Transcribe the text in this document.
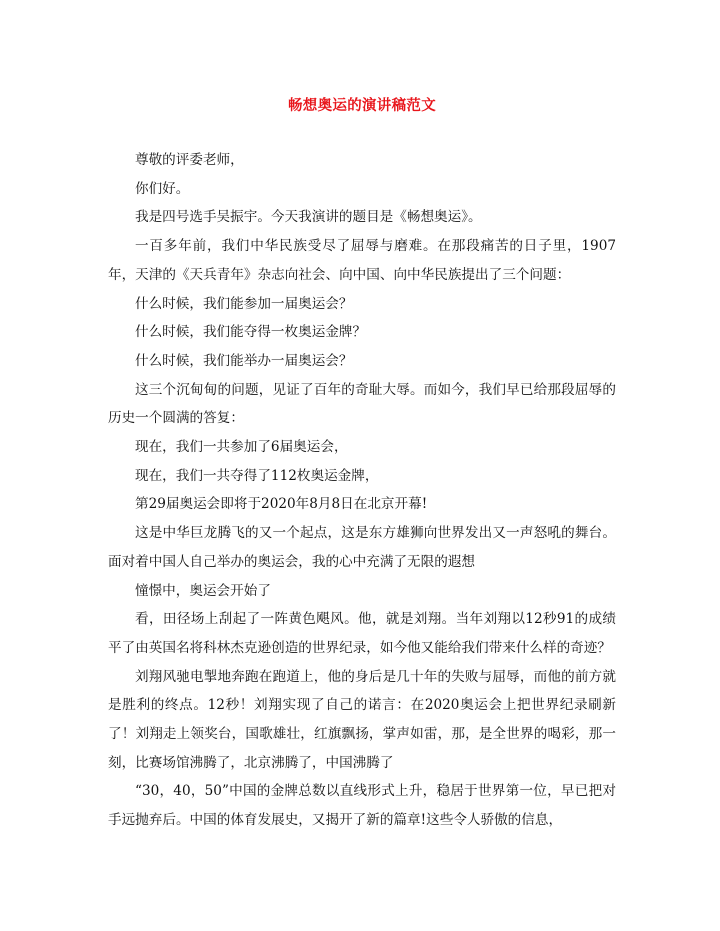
畅想奥运的演讲稿范文

尊敬的评委老师，

你们好。

我是四号选手吴振宇。今天我演讲的题目是《畅想奥运》。

一百多年前，我们中华民族受尽了屈辱与磨难。在那段痛苦的日子里，1907年，天津的《天兵青年》杂志向社会、向中国、向中华民族提出了三个问题：

什么时候，我们能参加一届奥运会？

什么时候，我们能夺得一枚奥运金牌？

什么时候，我们能举办一届奥运会？

这三个沉甸甸的问题，见证了百年的奇耻大辱。而如今，我们早已给那段屈辱的历史一个圆满的答复：

现在，我们一共参加了6届奥运会，

现在，我们一共夺得了112枚奥运金牌，

第29届奥运会即将于2020年8月8日在北京开幕!

这是中华巨龙腾飞的又一个起点，这是东方雄狮向世界发出又一声怒吼的舞台。面对着中国人自己举办的奥运会，我的心中充满了无限的遐想

憧憬中，奥运会开始了

看，田径场上刮起了一阵黄色飓风。他，就是刘翔。当年刘翔以12秒91的成绩平了由英国名将科林杰克逊创造的世界纪录，如今他又能给我们带来什么样的奇迹？

刘翔风驰电掣地奔跑在跑道上，他的身后是几十年的失败与屈辱，而他的前方就是胜利的终点。12秒！刘翔实现了自己的诺言：在2020奥运会上把世界纪录刷新了！刘翔走上领奖台，国歌雄壮，红旗飘扬，掌声如雷，那，是全世界的喝彩，那一刻，比赛场馆沸腾了，北京沸腾了，中国沸腾了

“30，40，50”中国的金牌总数以直线形式上升，稳居于世界第一位，早已把对手远抛弃后。中国的体育发展史，又揭开了新的篇章!这些令人骄傲的信息，
